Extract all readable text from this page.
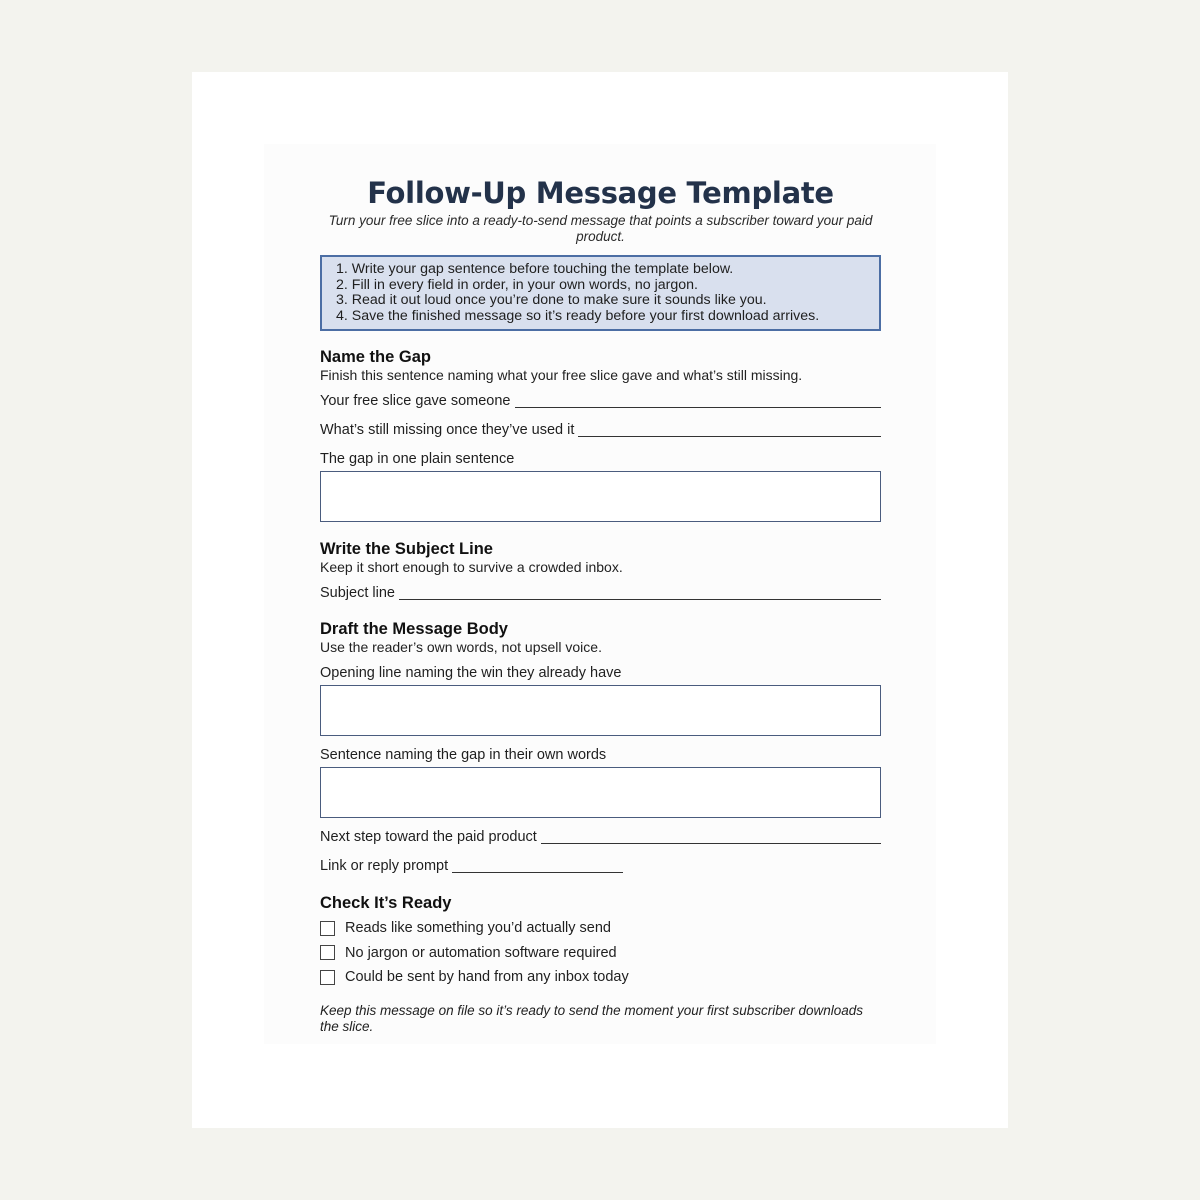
Follow-Up Message Template

Turn your free slice into a ready-to-send message that points a subscriber toward your paid product.

1. Write your gap sentence before touching the template below.
2. Fill in every field in order, in your own words, no jargon.
3. Read it out loud once you’re done to make sure it sounds like you.
4. Save the finished message so it’s ready before your first download arrives.
Name the Gap

Finish this sentence naming what your free slice gave and what’s still missing.

Your free slice gave someone
What’s still missing once they’ve used it
The gap in one plain sentence
Write the Subject Line

Keep it short enough to survive a crowded inbox.

Subject line
Draft the Message Body

Use the reader’s own words, not upsell voice.

Opening line naming the win they already have
Sentence naming the gap in their own words
Next step toward the paid product
Link or reply prompt
Check It’s Ready
Reads like something you’d actually send
No jargon or automation software required
Could be sent by hand from any inbox today

Keep this message on file so it’s ready to send the moment your first subscriber downloads the slice.
